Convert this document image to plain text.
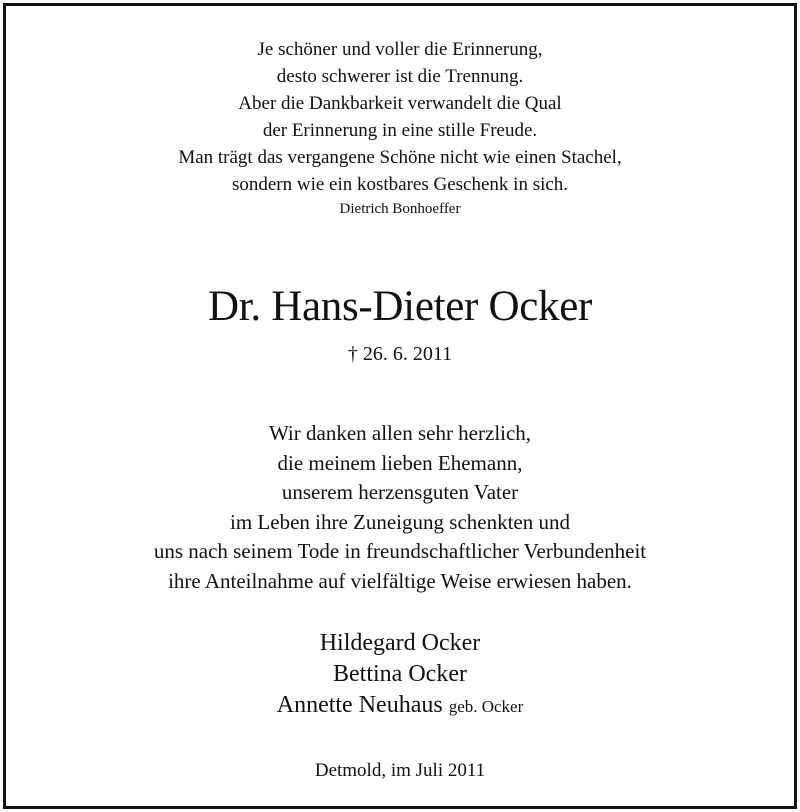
Je schöner und voller die Erinnerung,
desto schwerer ist die Trennung.
Aber die Dankbarkeit verwandelt die Qual
der Erinnerung in eine stille Freude.
Man trägt das vergangene Schöne nicht wie einen Stachel,
sondern wie ein kostbares Geschenk in sich.
Dietrich Bonhoeffer
Dr. Hans-Dieter Ocker
† 26. 6. 2011
Wir danken allen sehr herzlich,
die meinem lieben Ehemann,
unserem herzensguten Vater
im Leben ihre Zuneigung schenkten und
uns nach seinem Tode in freundschaftlicher Verbundenheit
ihre Anteilnahme auf vielfältige Weise erwiesen haben.
Hildegard Ocker
Bettina Ocker
Annette Neuhaus geb. Ocker
Detmold, im Juli 2011
